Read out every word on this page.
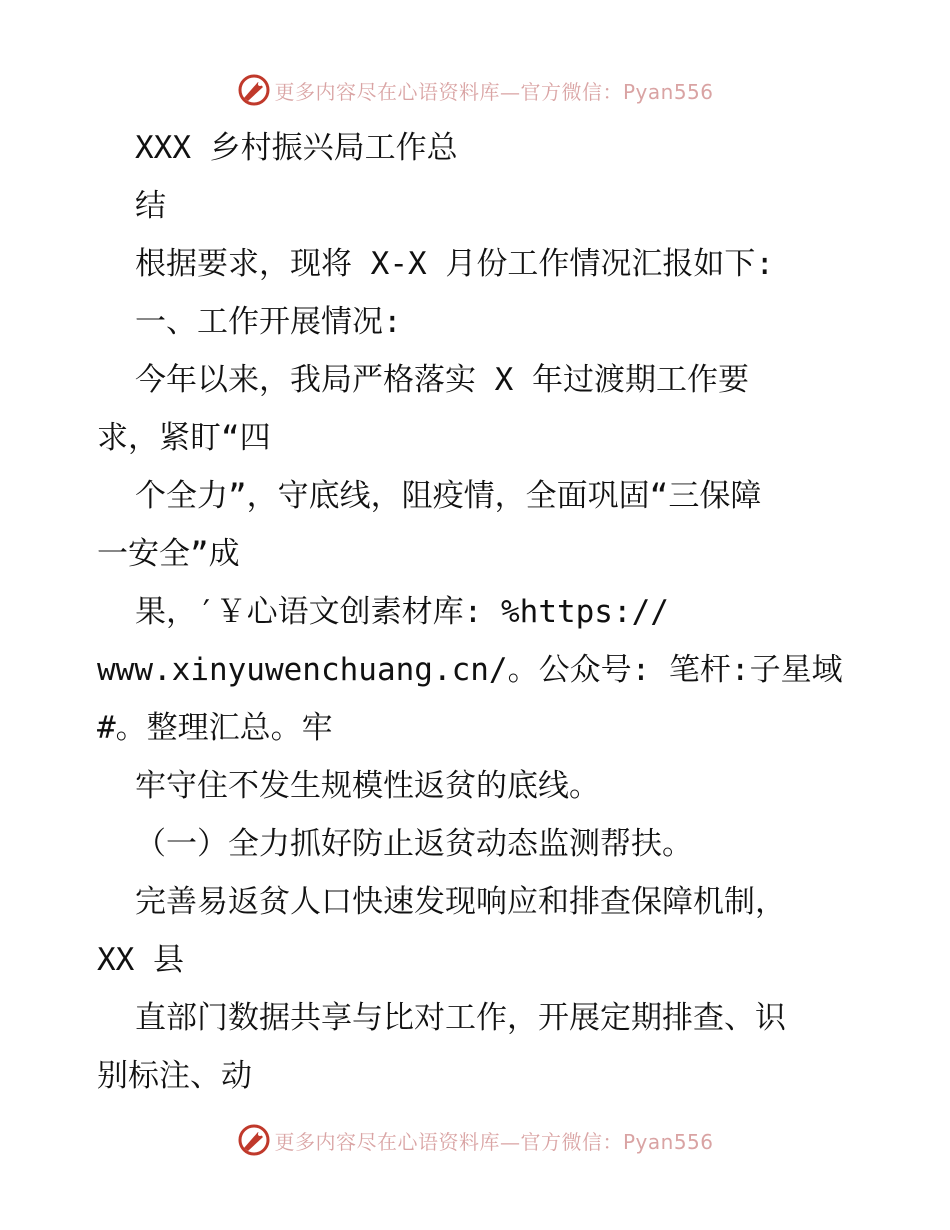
更多内容尽在心语资料库—官方微信：Pyan556
XXX 乡村振兴局工作总
结
根据要求，现将 X-X 月份工作情况汇报如下:
一、工作开展情况:
今年以来，我局严格落实 X 年过渡期工作要
求，紧盯“四
个全力”，守底线，阻疫情，全面巩固“三保障
一安全”成
果，′￥心语文创素材库: %https://
www.xinyuwenchuang.cn/。公众号: 笔杆:子星域
#。整理汇总。牢
牢守住不发生规模性返贫的底线。
（一）全力抓好防止返贫动态监测帮扶。
完善易返贫人口快速发现响应和排查保障机制，
XX 县
直部门数据共享与比对工作，开展定期排查、识
别标注、动
更多内容尽在心语资料库—官方微信：Pyan556
